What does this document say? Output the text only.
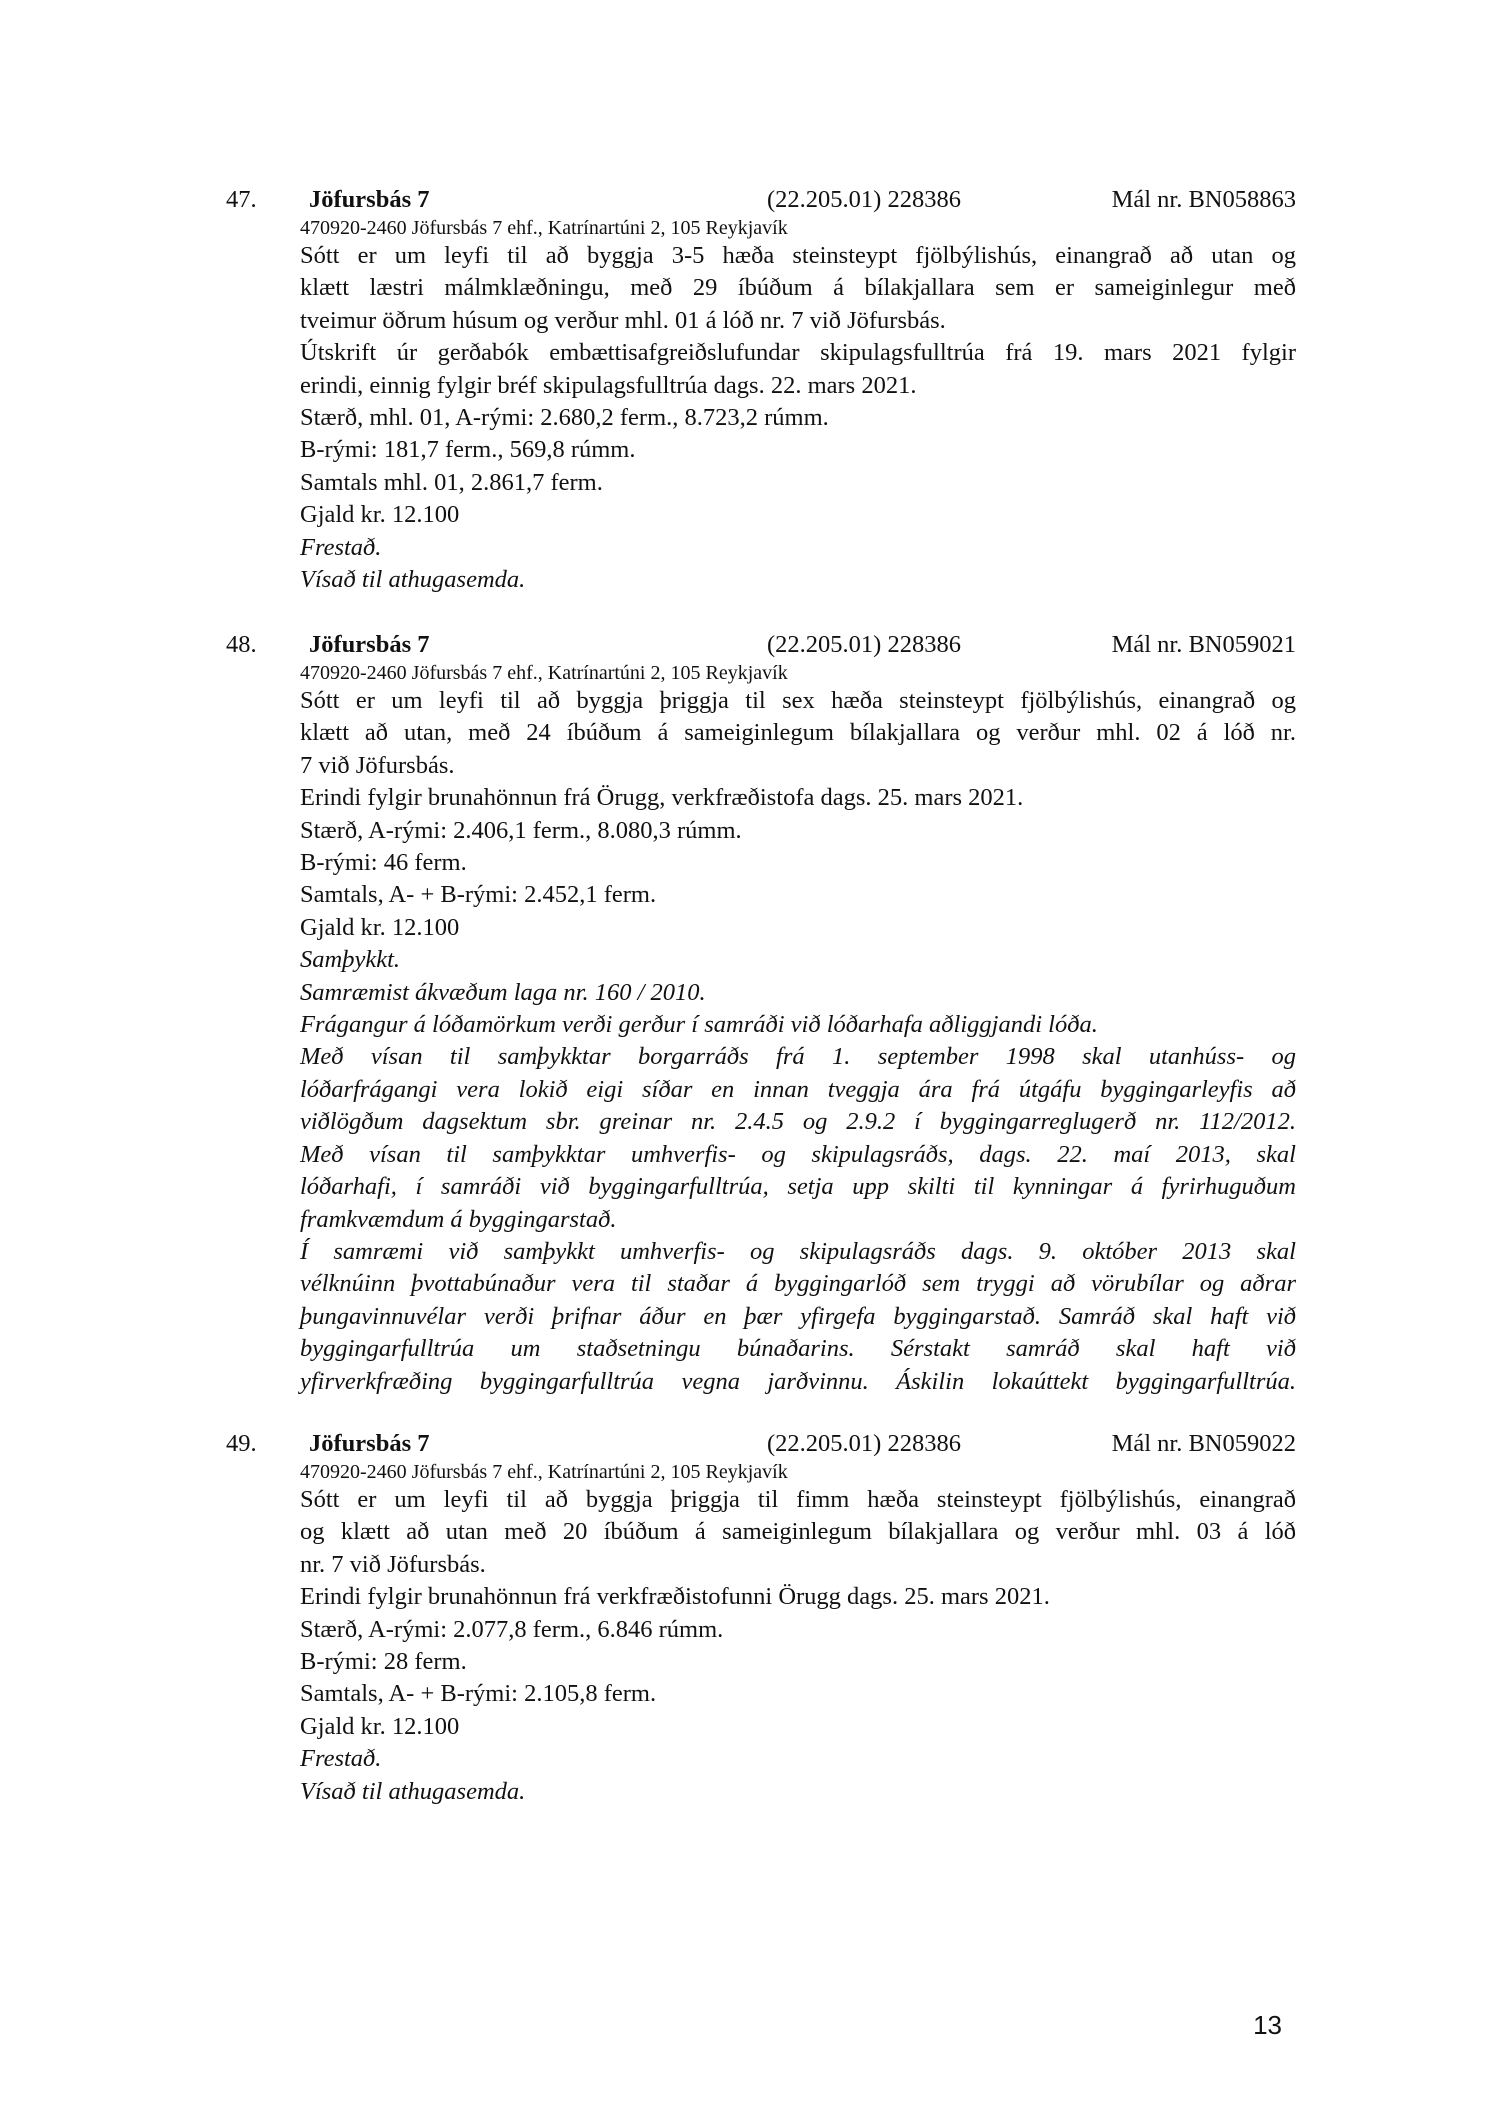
47. Jöfursbás 7	(22.205.01) 228386	Mál nr. BN058863
470920-2460 Jöfursbás 7 ehf., Katrínartúni 2, 105 Reykjavík
Sótt er um leyfi til að byggja 3-5 hæða steinsteypt fjölbýlishús, einangrað að utan og
klætt læstri málmklæðningu, með 29 íbúðum á bílakjallara sem er sameiginlegur með
tveimur öðrum húsum og verður mhl. 01 á lóð nr. 7 við Jöfursbás.
Útskrift úr gerðabók embættisafgreiðslufundar skipulagsfulltrúa frá 19. mars 2021 fylgir
erindi, einnig fylgir bréf skipulagsfulltrúa dags. 22. mars 2021.
Stærð, mhl. 01, A-rými: 2.680,2 ferm., 8.723,2 rúmm.
B-rými: 181,7 ferm., 569,8 rúmm.
Samtals mhl. 01, 2.861,7 ferm.
Gjald kr. 12.100
Frestað.
Vísað til athugasemda.
48. Jöfursbás 7	(22.205.01) 228386	Mál nr. BN059021
470920-2460 Jöfursbás 7 ehf., Katrínartúni 2, 105 Reykjavík
Sótt er um leyfi til að byggja þriggja til sex hæða steinsteypt fjölbýlishús, einangrað og
klætt að utan, með 24 íbúðum á sameiginlegum bílakjallara og verður mhl. 02 á lóð nr.
7 við Jöfursbás.
Erindi fylgir brunahönnun frá Örugg, verkfræðistofa dags. 25. mars 2021.
Stærð, A-rými: 2.406,1 ferm., 8.080,3 rúmm.
B-rými: 46 ferm.
Samtals, A- + B-rými: 2.452,1 ferm.
Gjald kr. 12.100
Samþykkt.
Samræmist ákvæðum laga nr. 160 / 2010.
Frágangur á lóðamörkum verði gerður í samráði við lóðarhafa aðliggjandi lóða.
Með vísan til samþykktar borgarráðs frá 1. september 1998 skal utanhúss- og
lóðarfrágangi vera lokið eigi síðar en innan tveggja ára frá útgáfu byggingarleyfis að
viðlögðum dagsektum sbr. greinar nr. 2.4.5 og 2.9.2 í byggingarreglugerð nr. 112/2012.
Með vísan til samþykktar umhverfis- og skipulagsráðs, dags. 22. maí 2013, skal
lóðarhafi, í samráði við byggingarfulltrúa, setja upp skilti til kynningar á fyrirhuguðum
framkvæmdum á byggingarstað.
Í samræmi við samþykkt umhverfis- og skipulagsráðs dags. 9. október 2013 skal
vélknúinn þvottabúnaður vera til staðar á byggingarlóð sem tryggi að vörubílar og aðrar
þungavinnuvélar verði þrifnar áður en þær yfirgefa byggingarstað. Samráð skal haft við
byggingarfulltrúa um staðsetningu búnaðarins. Sérstakt samráð skal haft við
yfirverkfræðing byggingarfulltrúa vegna jarðvinnu. Áskilin lokaúttekt byggingarfulltrúa.
49. Jöfursbás 7	(22.205.01) 228386	Mál nr. BN059022
470920-2460 Jöfursbás 7 ehf., Katrínartúni 2, 105 Reykjavík
Sótt er um leyfi til að byggja þriggja til fimm hæða steinsteypt fjölbýlishús, einangrað
og klætt að utan með 20 íbúðum á sameiginlegum bílakjallara og verður mhl. 03 á lóð
nr. 7 við Jöfursbás.
Erindi fylgir brunahönnun frá verkfræðistofunni Örugg dags. 25. mars 2021.
Stærð, A-rými: 2.077,8 ferm., 6.846 rúmm.
B-rými: 28 ferm.
Samtals, A- + B-rými: 2.105,8 ferm.
Gjald kr. 12.100
Frestað.
Vísað til athugasemda.
13
